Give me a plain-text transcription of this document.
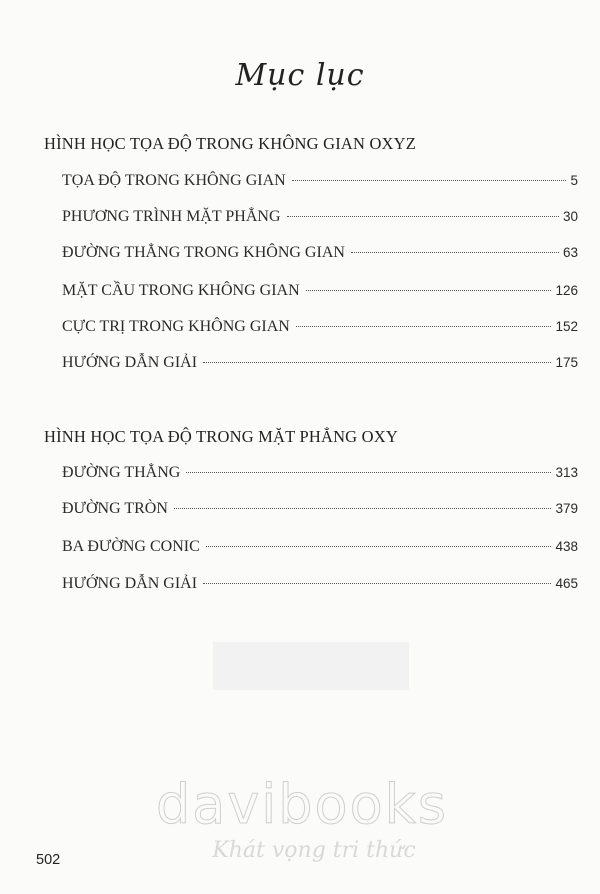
Mục lục
HÌNH HỌC TỌA ĐỘ TRONG KHÔNG GIAN OXYZ
TỌA ĐỘ TRONG KHÔNG GIAN	5
PHƯƠNG TRÌNH MẶT PHẲNG	30
ĐƯỜNG THẲNG TRONG KHÔNG GIAN	63
MẶT CẦU TRONG KHÔNG GIAN	126
CỰC TRỊ TRONG KHÔNG GIAN	152
HƯỚNG DẪN GIẢI	175
HÌNH HỌC TỌA ĐỘ TRONG MẶT PHẲNG OXY
ĐƯỜNG THẲNG	313
ĐƯỜNG TRÒN	379
BA ĐƯỜNG CONIC	438
HƯỚNG DẪN GIẢI	465
davibooks
Khát vọng tri thức
502
